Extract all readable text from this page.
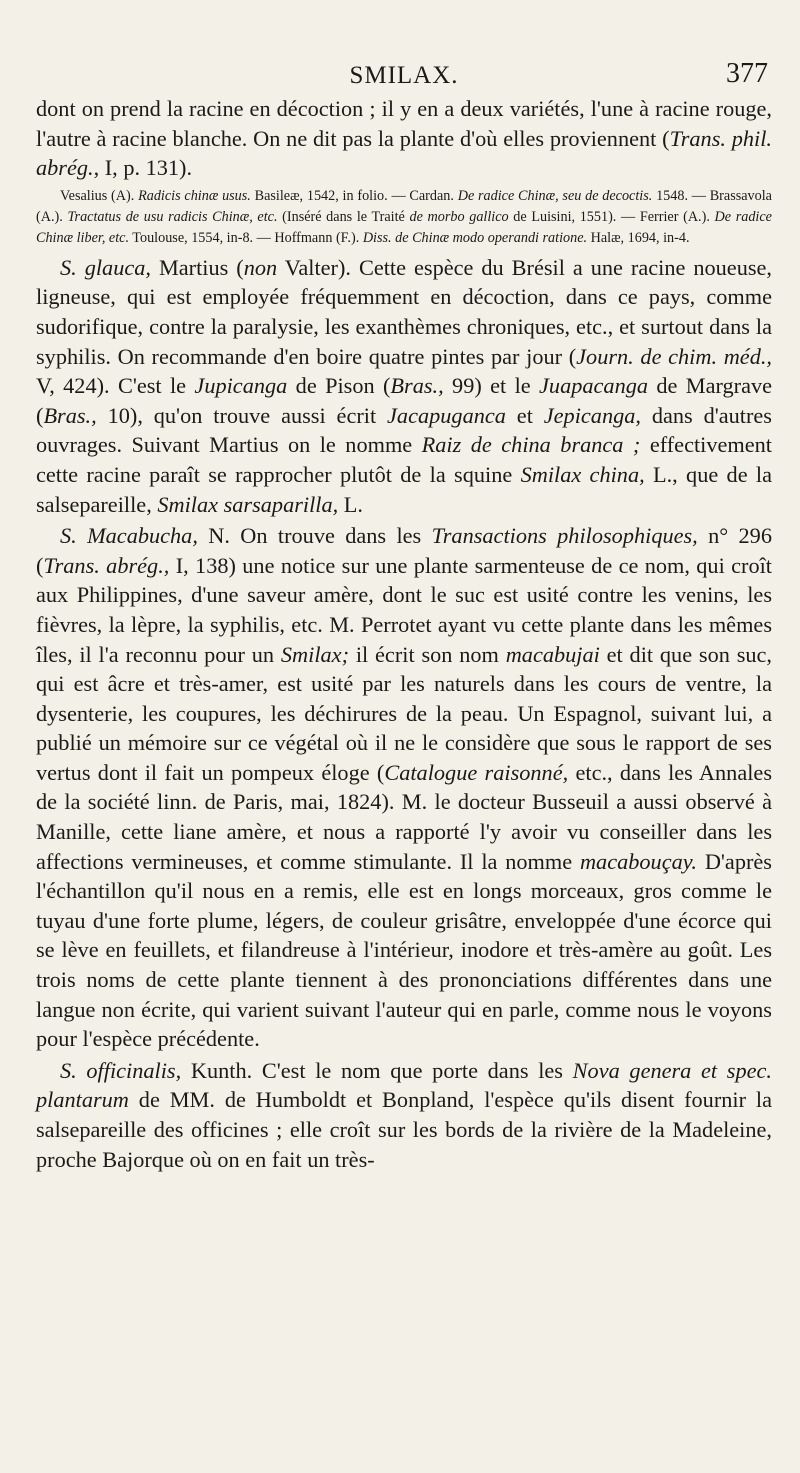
SMILAX.	377

dont on prend la racine en décoction ; il y en a deux variétés, l'une à racine rouge, l'autre à racine blanche. On ne dit pas la plante d'où elles proviennent (Trans. phil. abrég., I, p. 131).

Vesalius (A). Radicis chinæ usus. Basileæ, 1542, in folio. — Cardan. De radice Chinæ, seu de decoctis. 1548. — Brassavola (A.). Tractatus de usu radicis Chinæ, etc. (Inséré dans le Traité de morbo gallico de Luisini, 1551). — Ferrier (A.). De radice Chinæ liber, etc. Toulouse, 1554, in-8. — Hoffmann (F.). Diss. de Chinæ modo operandi ratione. Halæ, 1694, in-4.

S. glauca, Martius (non Valter). Cette espèce du Brésil a une racine noueuse, ligneuse, qui est employée fréquemment en décoction, dans ce pays, comme sudorifique, contre la paralysie, les exanthèmes chroniques, etc., et surtout dans la syphilis. On recommande d'en boire quatre pintes par jour (Journ. de chim. méd., V, 424). C'est le Jupicanga de Pison (Bras., 99) et le Juapacanga de Margrave (Bras., 10), qu'on trouve aussi écrit Jacapuganca et Jepicanga, dans d'autres ouvrages. Suivant Martius on le nomme Raiz de china branca ; effectivement cette racine paraît se rapprocher plutôt de la squine Smilax china, L., que de la salsepareille, Smilax sarsaparilla, L.

S. Macabucha, N. On trouve dans les Transactions philosophiques, n° 296 (Trans. abrég., I, 138) une notice sur une plante sarmenteuse de ce nom, qui croît aux Philippines, d'une saveur amère, dont le suc est usité contre les venins, les fièvres, la lèpre, la syphilis, etc. M. Perrotet ayant vu cette plante dans les mêmes îles, il l'a reconnu pour un Smilax; il écrit son nom macabujai et dit que son suc, qui est âcre et très-amer, est usité par les naturels dans les cours de ventre, la dysenterie, les coupures, les déchirures de la peau. Un Espagnol, suivant lui, a publié un mémoire sur ce végétal où il ne le considère que sous le rapport de ses vertus dont il fait un pompeux éloge (Catalogue raisonné, etc., dans les Annales de la société linn. de Paris, mai, 1824). M. le docteur Busseuil a aussi observé à Manille, cette liane amère, et nous a rapporté l'y avoir vu conseiller dans les affections vermineuses, et comme stimulante. Il la nomme macabouçay. D'après l'échantillon qu'il nous en a remis, elle est en longs morceaux, gros comme le tuyau d'une forte plume, légers, de couleur grisâtre, enveloppée d'une écorce qui se lève en feuillets, et filandreuse à l'intérieur, inodore et très-amère au goût. Les trois noms de cette plante tiennent à des prononciations différentes dans une langue non écrite, qui varient suivant l'auteur qui en parle, comme nous le voyons pour l'espèce précédente.

S. officinalis, Kunth. C'est le nom que porte dans les Nova genera et spec. plantarum de MM. de Humboldt et Bonpland, l'espèce qu'ils disent fournir la salsepareille des officines ; elle croît sur les bords de la rivière de la Madeleine, proche Bajorque où on en fait un très-
